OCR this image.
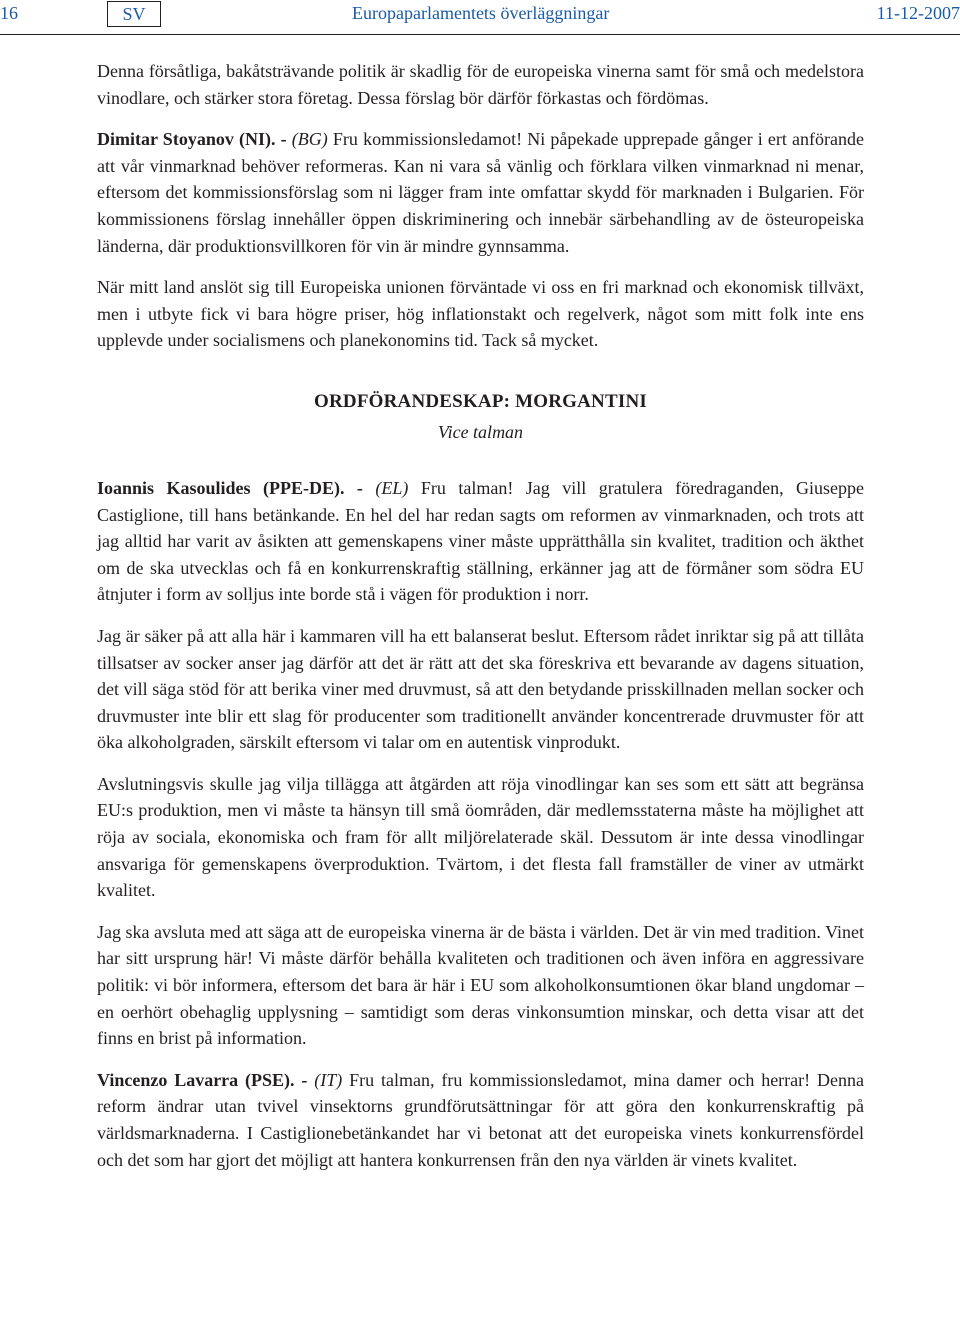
16	SV	Europaparlamentets överläggningar	11-12-2007

Denna försåtliga, bakåtsträvande politik är skadlig för de europeiska vinerna samt för små och medelstora vinodlare, och stärker stora företag. Dessa förslag bör därför förkastas och fördömas.

Dimitar Stoyanov (NI). - (BG) Fru kommissionsledamot! Ni påpekade upprepade gånger i ert anförande att vår vinmarknad behöver reformeras. Kan ni vara så vänlig och förklara vilken vinmarknad ni menar, eftersom det kommissionsförslag som ni lägger fram inte omfattar skydd för marknaden i Bulgarien. För kommissionens förslag innehåller öppen diskriminering och innebär särbehandling av de östeuropeiska länderna, där produktionsvillkoren för vin är mindre gynnsamma.

När mitt land anslöt sig till Europeiska unionen förväntade vi oss en fri marknad och ekonomisk tillväxt, men i utbyte fick vi bara högre priser, hög inflationstakt och regelverk, något som mitt folk inte ens upplevde under socialismens och planekonomins tid. Tack så mycket.

ORDFÖRANDESKAP: MORGANTINI
Vice talman

Ioannis Kasoulides (PPE-DE). - (EL) Fru talman! Jag vill gratulera föredraganden, Giuseppe Castiglione, till hans betänkande. En hel del har redan sagts om reformen av vinmarknaden, och trots att jag alltid har varit av åsikten att gemenskapens viner måste upprätthålla sin kvalitet, tradition och äkthet om de ska utvecklas och få en konkurrenskraftig ställning, erkänner jag att de förmåner som södra EU åtnjuter i form av solljus inte borde stå i vägen för produktion i norr.

Jag är säker på att alla här i kammaren vill ha ett balanserat beslut. Eftersom rådet inriktar sig på att tillåta tillsatser av socker anser jag därför att det är rätt att det ska föreskriva ett bevarande av dagens situation, det vill säga stöd för att berika viner med druvmust, så att den betydande prisskillnaden mellan socker och druvmuster inte blir ett slag för producenter som traditionellt använder koncentrerade druvmuster för att öka alkoholgraden, särskilt eftersom vi talar om en autentisk vinprodukt.

Avslutningsvis skulle jag vilja tillägga att åtgärden att röja vinodlingar kan ses som ett sätt att begränsa EU:s produktion, men vi måste ta hänsyn till små öområden, där medlemsstaterna måste ha möjlighet att röja av sociala, ekonomiska och fram för allt miljörelaterade skäl. Dessutom är inte dessa vinodlingar ansvariga för gemenskapens överproduktion. Tvärtom, i det flesta fall framställer de viner av utmärkt kvalitet.

Jag ska avsluta med att säga att de europeiska vinerna är de bästa i världen. Det är vin med tradition. Vinet har sitt ursprung här! Vi måste därför behålla kvaliteten och traditionen och även införa en aggressivare politik: vi bör informera, eftersom det bara är här i EU som alkoholkonsumtionen ökar bland ungdomar – en oerhört obehaglig upplysning – samtidigt som deras vinkonsumtion minskar, och detta visar att det finns en brist på information.

Vincenzo Lavarra (PSE). - (IT) Fru talman, fru kommissionsledamot, mina damer och herrar! Denna reform ändrar utan tvivel vinsektorns grundförutsättningar för att göra den konkurrenskraftig på världsmarknaderna. I Castiglionebetänkandet har vi betonat att det europeiska vinets konkurrensfördel och det som har gjort det möjligt att hantera konkurrensen från den nya världen är vinets kvalitet.
